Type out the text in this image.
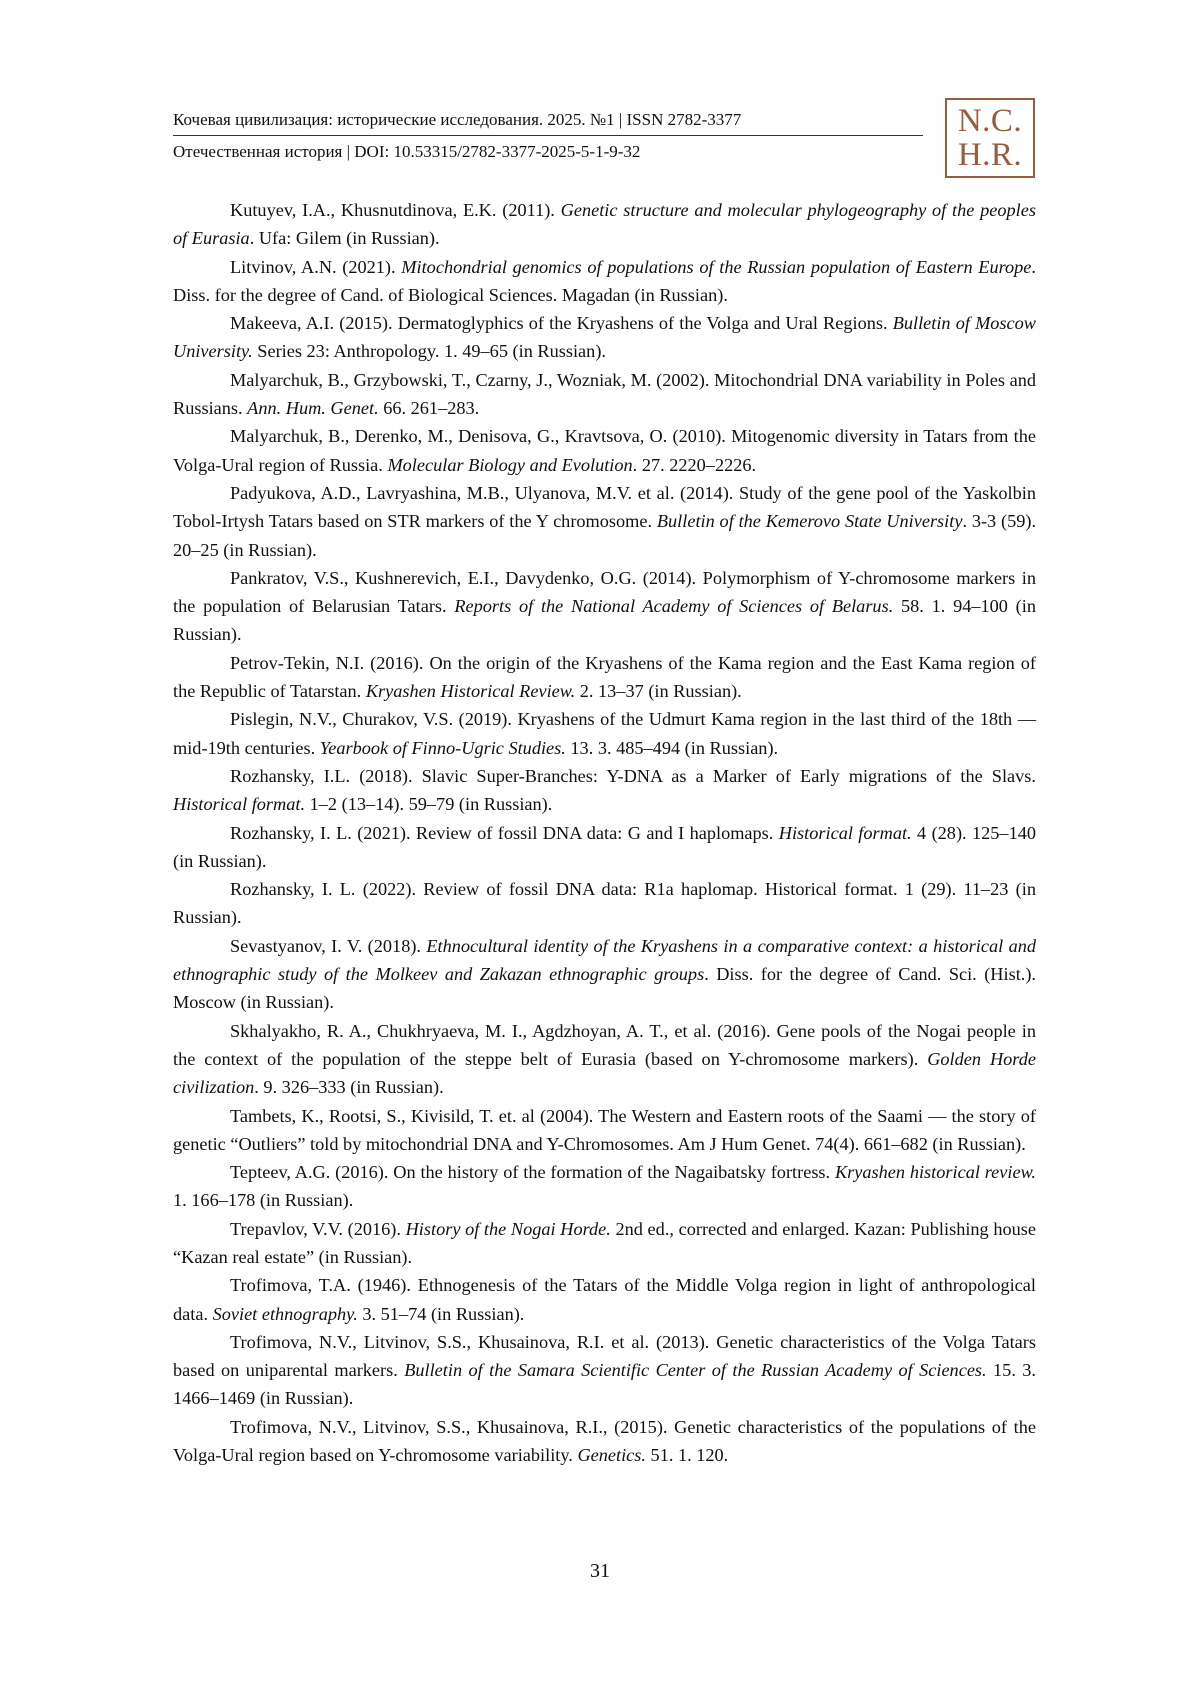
Кочевая цивилизация: исторические исследования. 2025. №1 | ISSN 2782-3377
Отечественная история | DOI: 10.53315/2782-3377-2025-5-1-9-32
N.C.
H.R.

Kutuyev, I.A., Khusnutdinova, E.K. (2011). Genetic structure and molecular phylogeography of the peoples of Eurasia. Ufa: Gilem (in Russian).

Litvinov, A.N. (2021). Mitochondrial genomics of populations of the Russian population of Eastern Europe. Diss. for the degree of Cand. of Biological Sciences. Magadan (in Russian).

Makeeva, A.I. (2015). Dermatoglyphics of the Kryashens of the Volga and Ural Regions. Bulletin of Moscow University. Series 23: Anthropology. 1. 49–65 (in Russian).

Malyarchuk, B., Grzybowski, T., Czarny, J., Wozniak, M. (2002). Mitochondrial DNA variability in Poles and Russians. Ann. Hum. Genet. 66. 261–283.

Malyarchuk, B., Derenko, M., Denisova, G., Kravtsova, O. (2010). Mitogenomic diversity in Tatars from the Volga-Ural region of Russia. Molecular Biology and Evolution. 27. 2220–2226.

Padyukova, A.D., Lavryashina, M.B., Ulyanova, M.V. et al. (2014). Study of the gene pool of the Yaskolbin Tobol-Irtysh Tatars based on STR markers of the Y chromosome. Bulletin of the Kemerovo State University. 3-3 (59). 20–25 (in Russian).

Pankratov, V.S., Kushnerevich, E.I., Davydenko, O.G. (2014). Polymorphism of Y-chromosome markers in the population of Belarusian Tatars. Reports of the National Academy of Sciences of Belarus. 58. 1. 94–100 (in Russian).

Petrov-Tekin, N.I. (2016). On the origin of the Kryashens of the Kama region and the East Kama region of the Republic of Tatarstan. Kryashen Historical Review. 2. 13–37 (in Russian).

Pislegin, N.V., Churakov, V.S. (2019). Kryashens of the Udmurt Kama region in the last third of the 18th — mid-19th centuries. Yearbook of Finno-Ugric Studies. 13. 3. 485–494 (in Russian).

Rozhansky, I.L. (2018). Slavic Super-Branches: Y-DNA as a Marker of Early migrations of the Slavs. Historical format. 1–2 (13–14). 59–79 (in Russian).

Rozhansky, I. L. (2021). Review of fossil DNA data: G and I haplomaps. Historical format. 4 (28). 125–140 (in Russian).

Rozhansky, I. L. (2022). Review of fossil DNA data: R1a haplomap. Historical format. 1 (29). 11–23 (in Russian).

Sevastyanov, I. V. (2018). Ethnocultural identity of the Kryashens in a comparative context: a historical and ethnographic study of the Molkeev and Zakazan ethnographic groups. Diss. for the degree of Cand. Sci. (Hist.). Moscow (in Russian).

Skhalyakho, R. A., Chukhryaeva, M. I., Agdzhoyan, A. T., et al. (2016). Gene pools of the Nogai people in the context of the population of the steppe belt of Eurasia (based on Y-chromosome markers). Golden Horde civilization. 9. 326–333 (in Russian).

Tambets, K., Rootsi, S., Kivisild, T. et. al (2004). The Western and Eastern roots of the Saami — the story of genetic “Outliers” told by mitochondrial DNA and Y-Chromosomes. Am J Hum Genet. 74(4). 661–682 (in Russian).

Tepteev, A.G. (2016). On the history of the formation of the Nagaibatsky fortress. Kryashen historical review. 1. 166–178 (in Russian).

Trepavlov, V.V. (2016). History of the Nogai Horde. 2nd ed., corrected and enlarged. Kazan: Publishing house “Kazan real estate” (in Russian).

Trofimova, T.A. (1946). Ethnogenesis of the Tatars of the Middle Volga region in light of anthropological data. Soviet ethnography. 3. 51–74 (in Russian).

Trofimova, N.V., Litvinov, S.S., Khusainova, R.I. et al. (2013). Genetic characteristics of the Volga Tatars based on uniparental markers. Bulletin of the Samara Scientific Center of the Russian Academy of Sciences. 15. 3. 1466–1469 (in Russian).

Trofimova, N.V., Litvinov, S.S., Khusainova, R.I., (2015). Genetic characteristics of the populations of the Volga-Ural region based on Y-chromosome variability. Genetics. 51. 1. 120.

31
